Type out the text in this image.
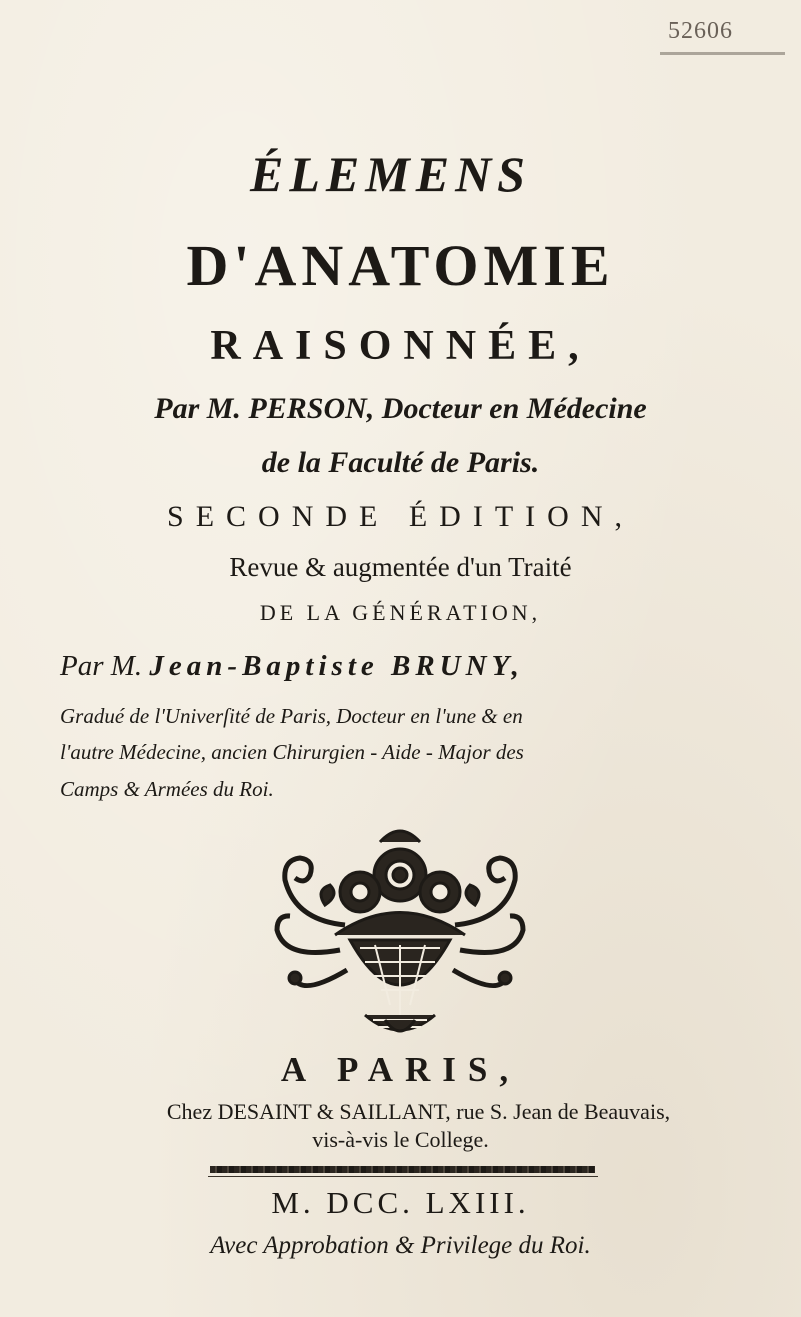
52606
ÉLEMENS
D'ANATOMIE
RAISONNÉE,
Par M. PERSON, Docteur en Médecine
de la Faculté de Paris.
SECONDE ÉDITION,
Revue & augmentée d'un Traité
DE LA GÉNÉRATION,
Par M. Jean-Baptiste BRUNY,
Gradué de l'Univerſité de Paris, Docteur en l'une & en
l'autre Médecine, ancien Chirurgien - Aide - Major des
Camps & Armées du Roi.
A PARIS,
Chez DESAINT & SAILLANT, rue S. Jean de Beauvais,
vis-à-vis le College.
M. DCC. LXIII.
Avec Approbation & Privilege du Roi.
